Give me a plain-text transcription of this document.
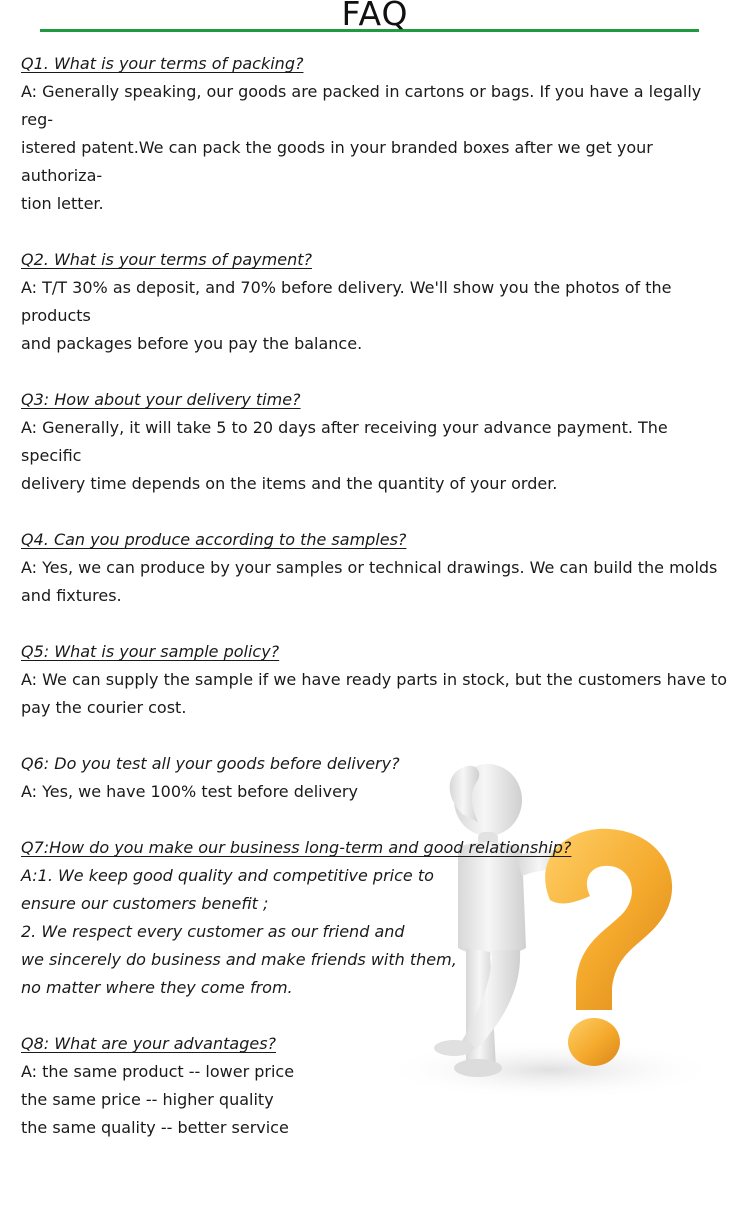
FAQ

Q1. What is your terms of packing?

A: Generally speaking, our goods are packed in cartons or bags. If you have a legally reg-
istered patent.We can pack the goods in your branded boxes after we get your authoriza-
tion letter.

Q2. What is your terms of payment?

A: T/T 30% as deposit, and 70% before delivery. We'll show you the photos of the products
and packages before you pay the balance.

Q3: How about your delivery time?

A: Generally, it will take 5 to 20 days after receiving your advance payment. The specific
delivery time depends on the items and the quantity of your order.

Q4. Can you produce according to the samples?

A: Yes, we can produce by your samples or technical drawings. We can build the molds
and fixtures.

Q5: What is your sample policy?

A: We can supply the sample if we have ready parts in stock, but the customers have to
pay the courier cost.

Q6: Do you test all your goods before delivery?

A: Yes, we have 100% test before delivery

Q7:How do you make our business long-term and good relationship?

A:1. We keep good quality and competitive price to
ensure our customers benefit ;
2. We respect every customer as our friend and
we sincerely do business and make friends with them,
no matter where they come from.

Q8: What are your advantages?

A: the same product -- lower price
the same price -- higher quality
the same quality -- better service
